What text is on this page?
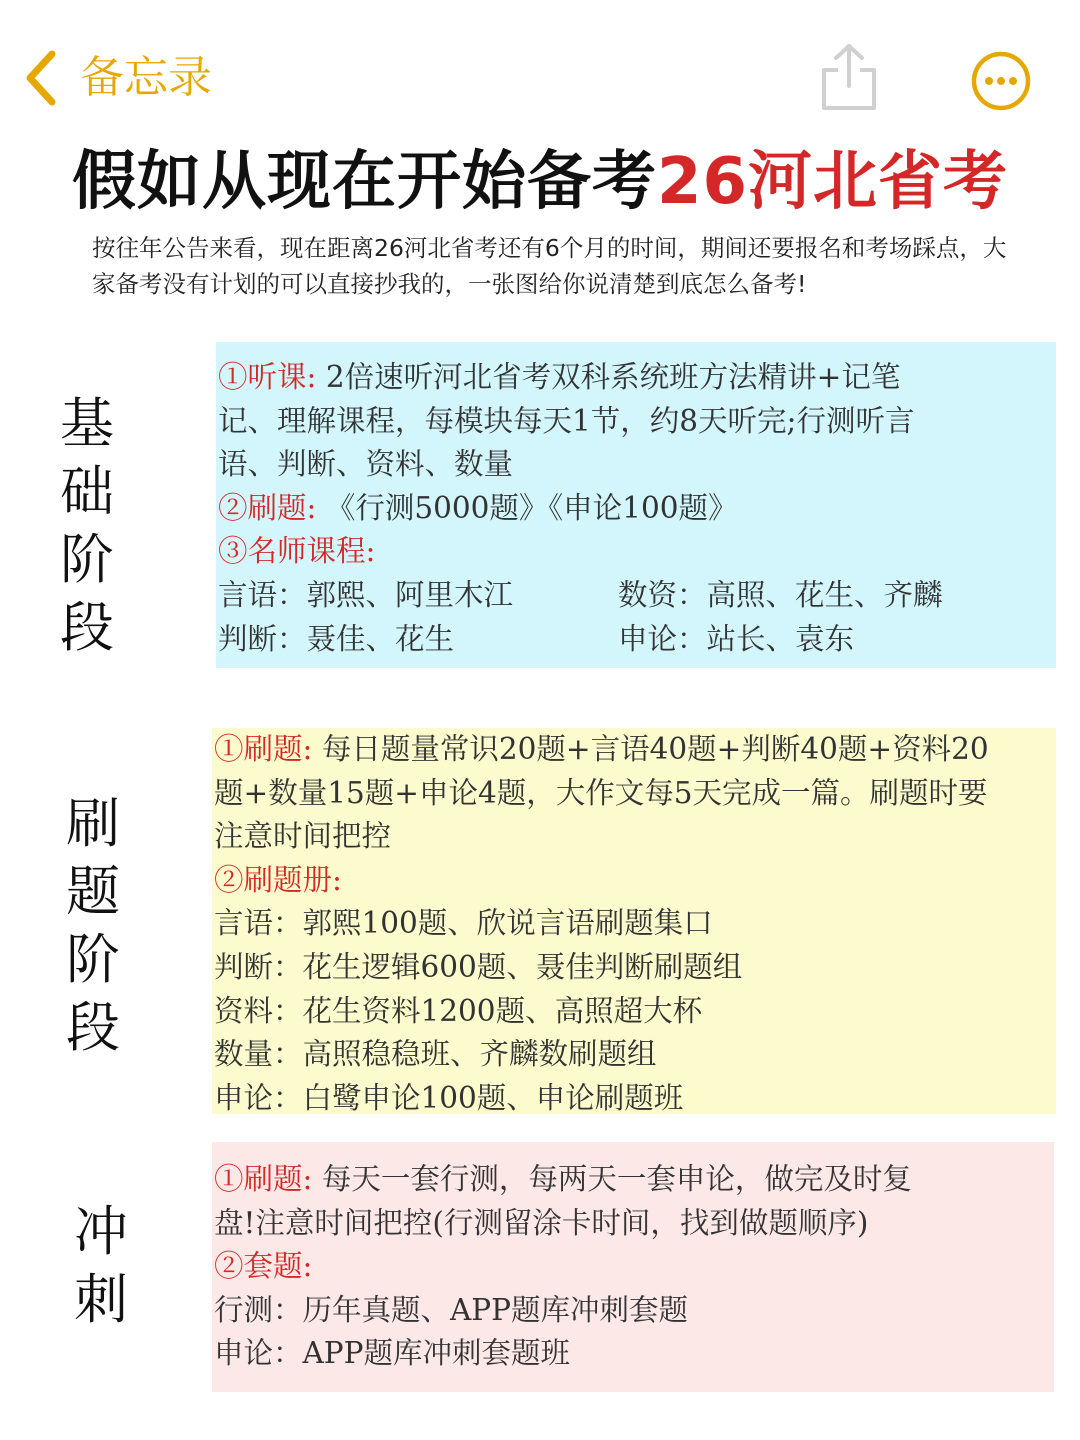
备忘录
假如从现在开始备考26河北省考
按往年公告来看，现在距离26河北省考还有6个月的时间，期间还要报名和考场踩点，大家备考没有计划的可以直接抄我的，一张图给你说清楚到底怎么备考!
基
础
阶
段
①听课: 2倍速听河北省考双科系统班方法精讲+记笔
记、理解课程，每模块每天1节，约8天听完;行测听言
语、判断、资料、数量
②刷题: 《行测5000题》《申论100题》
③名师课程:
言语：郭熙、阿里木江	数资：高照、花生、齐麟
判断：聂佳、花生	申论：站长、袁东
刷
题
阶
段
①刷题: 每日题量常识20题+言语40题+判断40题+资料20
题+数量15题+申论4题，大作文每5天完成一篇。刷题时要
注意时间把控
②刷题册:
言语：郭熙100题、欣说言语刷题集口
判断：花生逻辑600题、聂佳判断刷题组
资料：花生资料1200题、高照超大杯
数量：高照稳稳班、齐麟数刷题组
申论：白鹭申论100题、申论刷题班
冲
刺
①刷题: 每天一套行测，每两天一套申论，做完及时复
盘!注意时间把控(行测留涂卡时间，找到做题顺序)
②套题:
行测：历年真题、APP题库冲刺套题
申论：APP题库冲刺套题班
